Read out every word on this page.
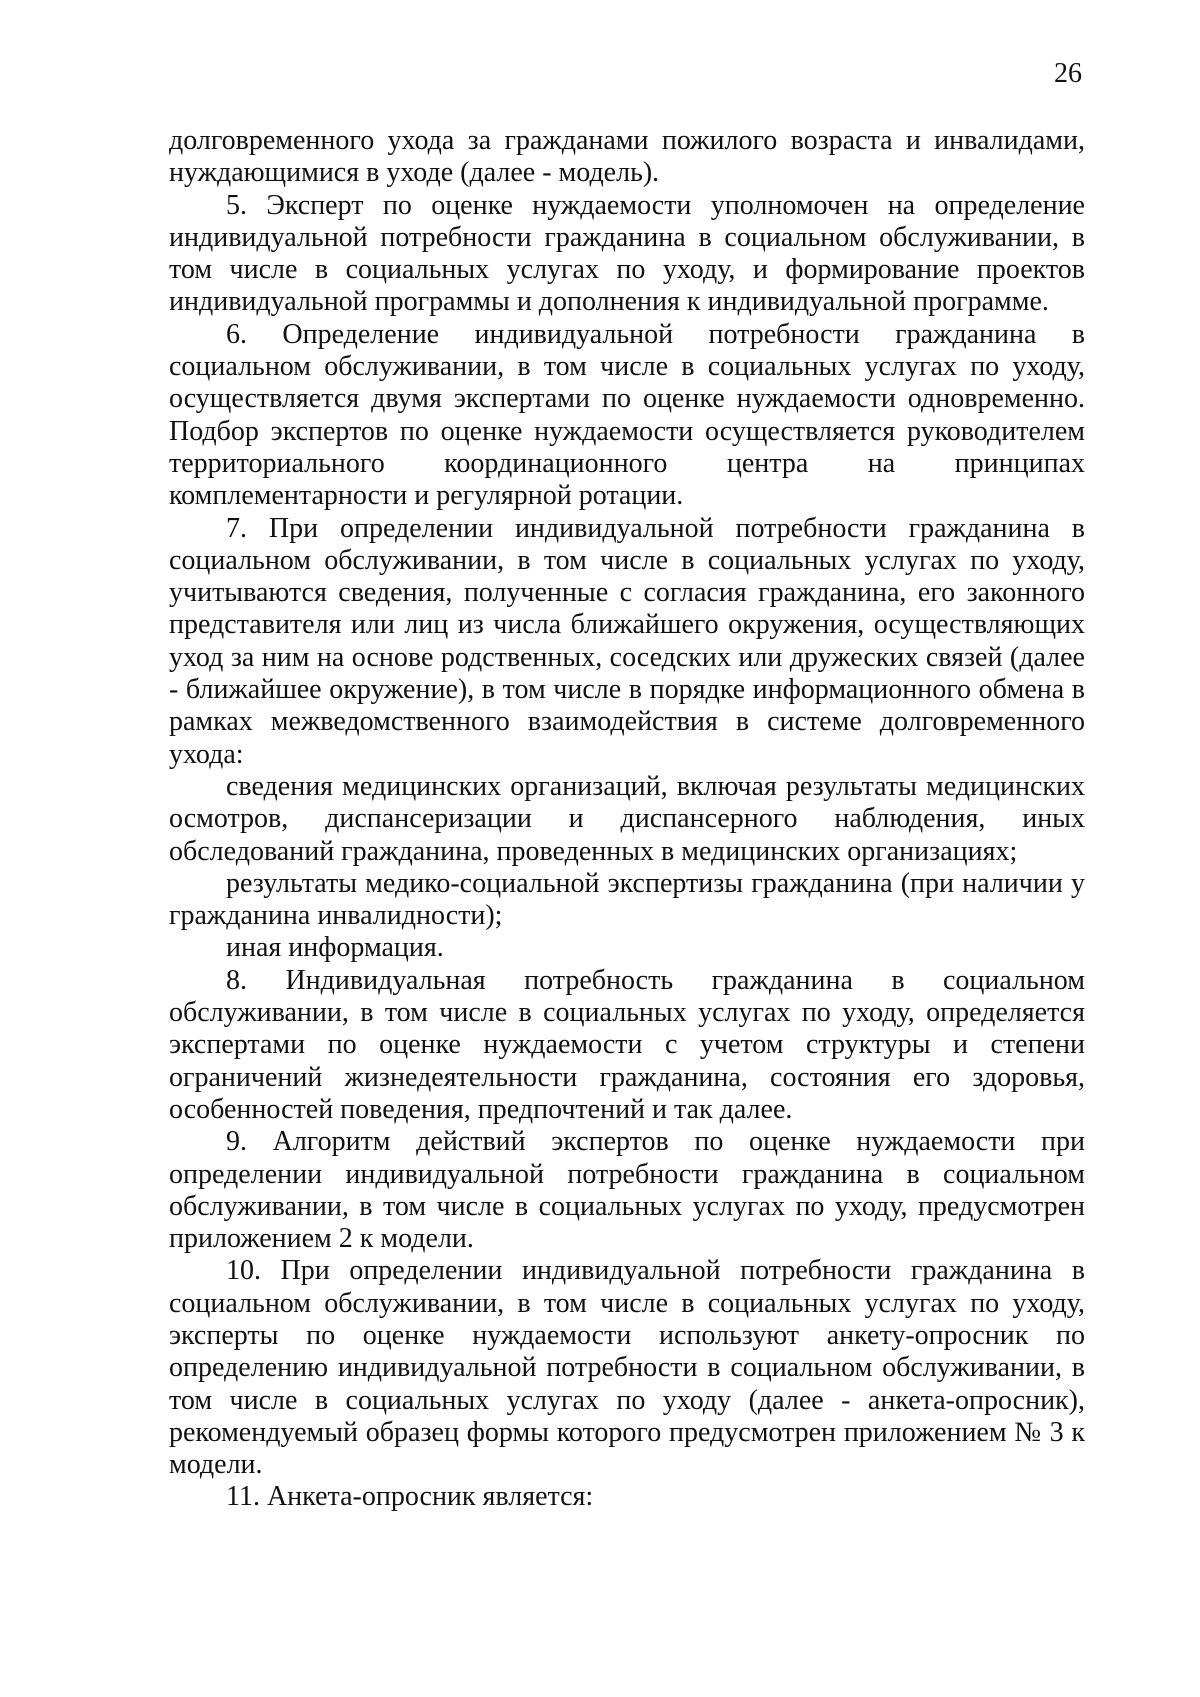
26

долговременного ухода за гражданами пожилого возраста и инвалидами, нуждающимися в уходе (далее - модель).

5. Эксперт по оценке нуждаемости уполномочен на определение индивидуальной потребности гражданина в социальном обслуживании, в том числе в социальных услугах по уходу, и формирование проектов индивидуальной программы и дополнения к индивидуальной программе.

6. Определение индивидуальной потребности гражданина в социальном обслуживании, в том числе в социальных услугах по уходу, осуществляется двумя экспертами по оценке нуждаемости одновременно. Подбор экспертов по оценке нуждаемости осуществляется руководителем территориального координационного центра на принципах комплементарности и регулярной ротации.

7. При определении индивидуальной потребности гражданина в социальном обслуживании, в том числе в социальных услугах по уходу, учитываются сведения, полученные с согласия гражданина, его законного представителя или лиц из числа ближайшего окружения, осуществляющих уход за ним на основе родственных, соседских или дружеских связей (далее - ближайшее окружение), в том числе в порядке информационного обмена в рамках межведомственного взаимодействия в системе долговременного ухода:

сведения медицинских организаций, включая результаты медицинских осмотров, диспансеризации и диспансерного наблюдения, иных обследований гражданина, проведенных в медицинских организациях;

результаты медико-социальной экспертизы гражданина (при наличии у гражданина инвалидности);

иная информация.

8. Индивидуальная потребность гражданина в социальном обслуживании, в том числе в социальных услугах по уходу, определяется экспертами по оценке нуждаемости с учетом структуры и степени ограничений жизнедеятельности гражданина, состояния его здоровья, особенностей поведения, предпочтений и так далее.

9. Алгоритм действий экспертов по оценке нуждаемости при определении индивидуальной потребности гражданина в социальном обслуживании, в том числе в социальных услугах по уходу, предусмотрен приложением 2 к модели.

10. При определении индивидуальной потребности гражданина в социальном обслуживании, в том числе в социальных услугах по уходу, эксперты по оценке нуждаемости используют анкету-опросник по определению индивидуальной потребности в социальном обслуживании, в том числе в социальных услугах по уходу (далее - анкета-опросник), рекомендуемый образец формы которого предусмотрен приложением № 3 к модели.

11. Анкета-опросник является:
